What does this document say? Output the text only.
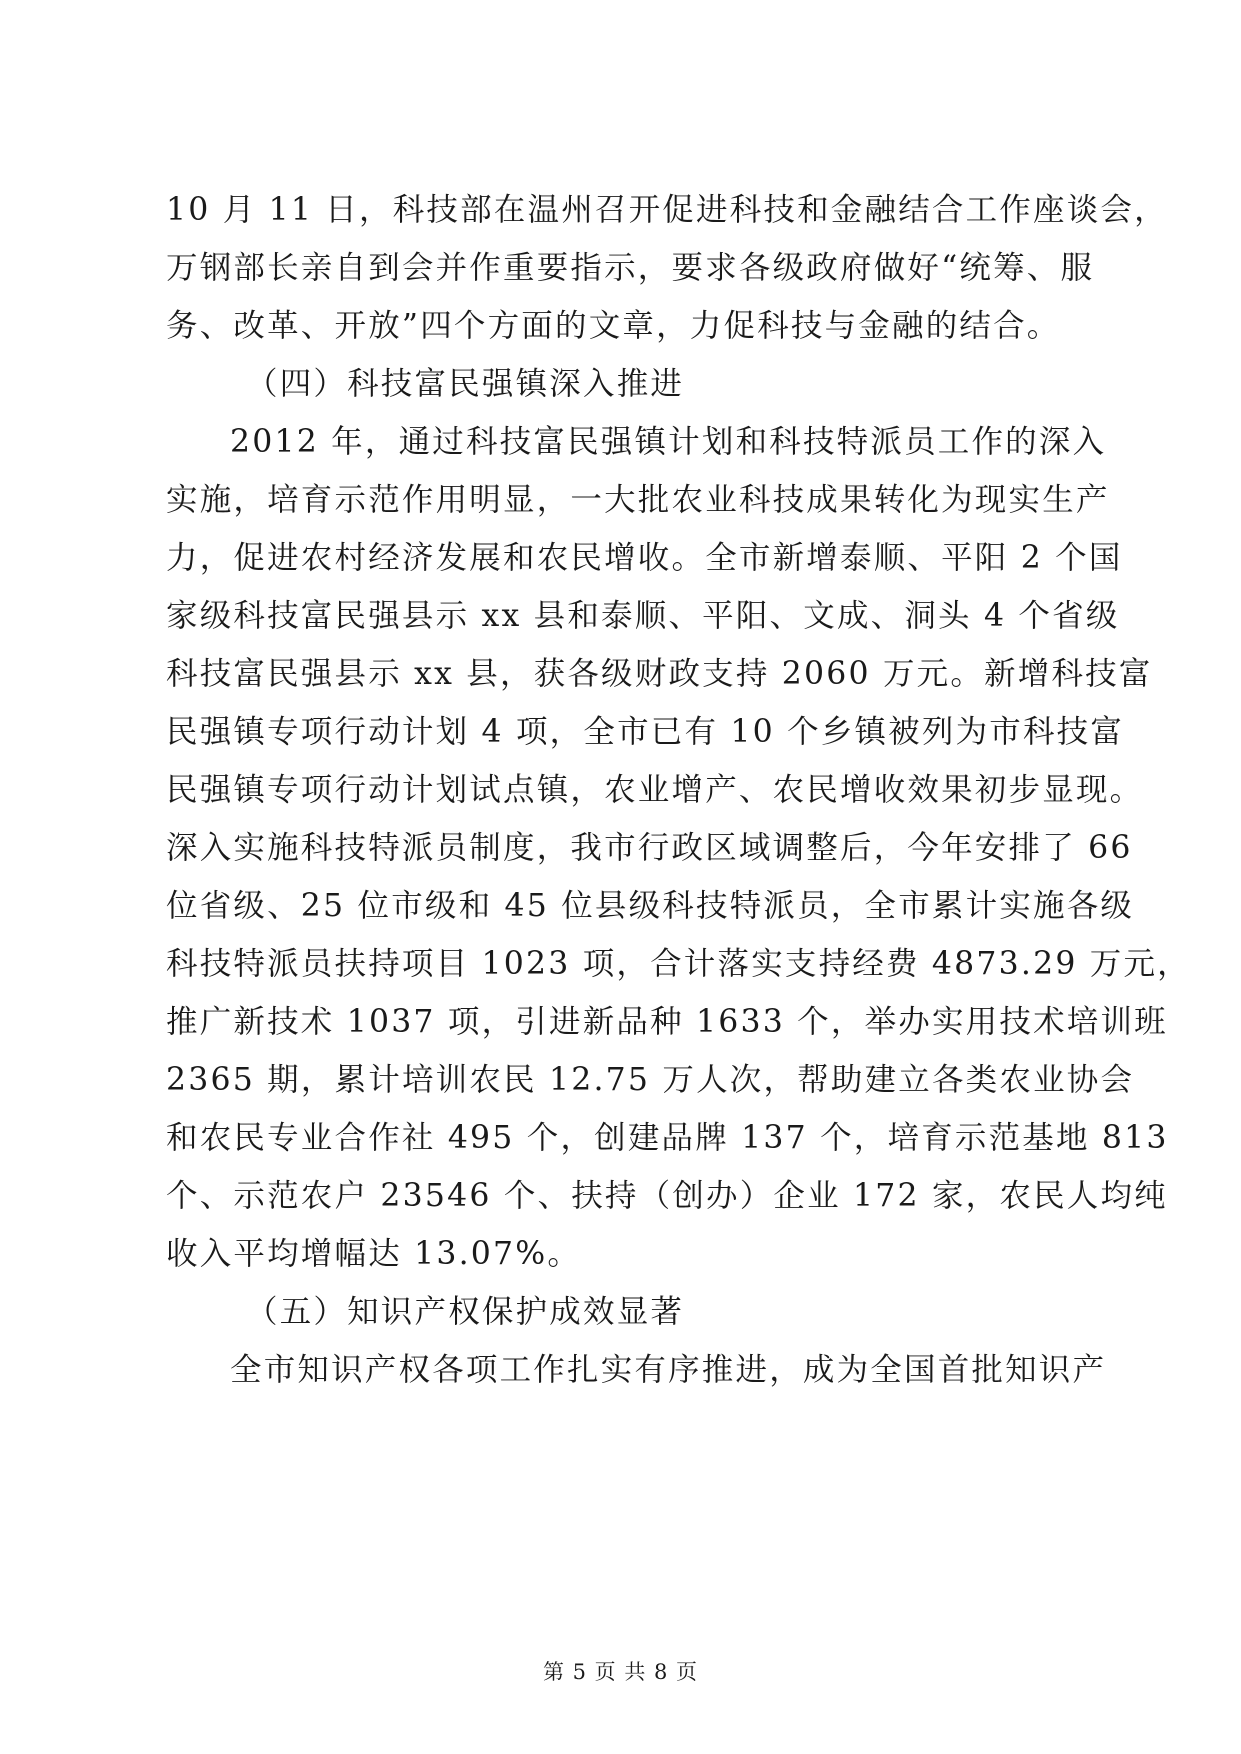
10 月 11 日，科技部在温州召开促进科技和金融结合工作座谈会，
万钢部长亲自到会并作重要指示，要求各级政府做好“统筹、服
务、改革、开放”四个方面的文章，力促科技与金融的结合。
（四）科技富民强镇深入推进
2012 年，通过科技富民强镇计划和科技特派员工作的深入
实施，培育示范作用明显，一大批农业科技成果转化为现实生产
力，促进农村经济发展和农民增收。全市新增泰顺、平阳 2 个国
家级科技富民强县示 xx 县和泰顺、平阳、文成、洞头 4 个省级
科技富民强县示 xx 县，获各级财政支持 2060 万元。新增科技富
民强镇专项行动计划 4 项，全市已有 10 个乡镇被列为市科技富
民强镇专项行动计划试点镇，农业增产、农民增收效果初步显现。
深入实施科技特派员制度，我市行政区域调整后，今年安排了 66
位省级、25 位市级和 45 位县级科技特派员，全市累计实施各级
科技特派员扶持项目 1023 项，合计落实支持经费 4873.29 万元，
推广新技术 1037 项，引进新品种 1633 个，举办实用技术培训班
2365 期，累计培训农民 12.75 万人次，帮助建立各类农业协会
和农民专业合作社 495 个，创建品牌 137 个，培育示范基地 813
个、示范农户 23546 个、扶持（创办）企业 172 家，农民人均纯
收入平均增幅达 13.07%。
（五）知识产权保护成效显著
全市知识产权各项工作扎实有序推进，成为全国首批知识产
第 5 页 共 8 页
